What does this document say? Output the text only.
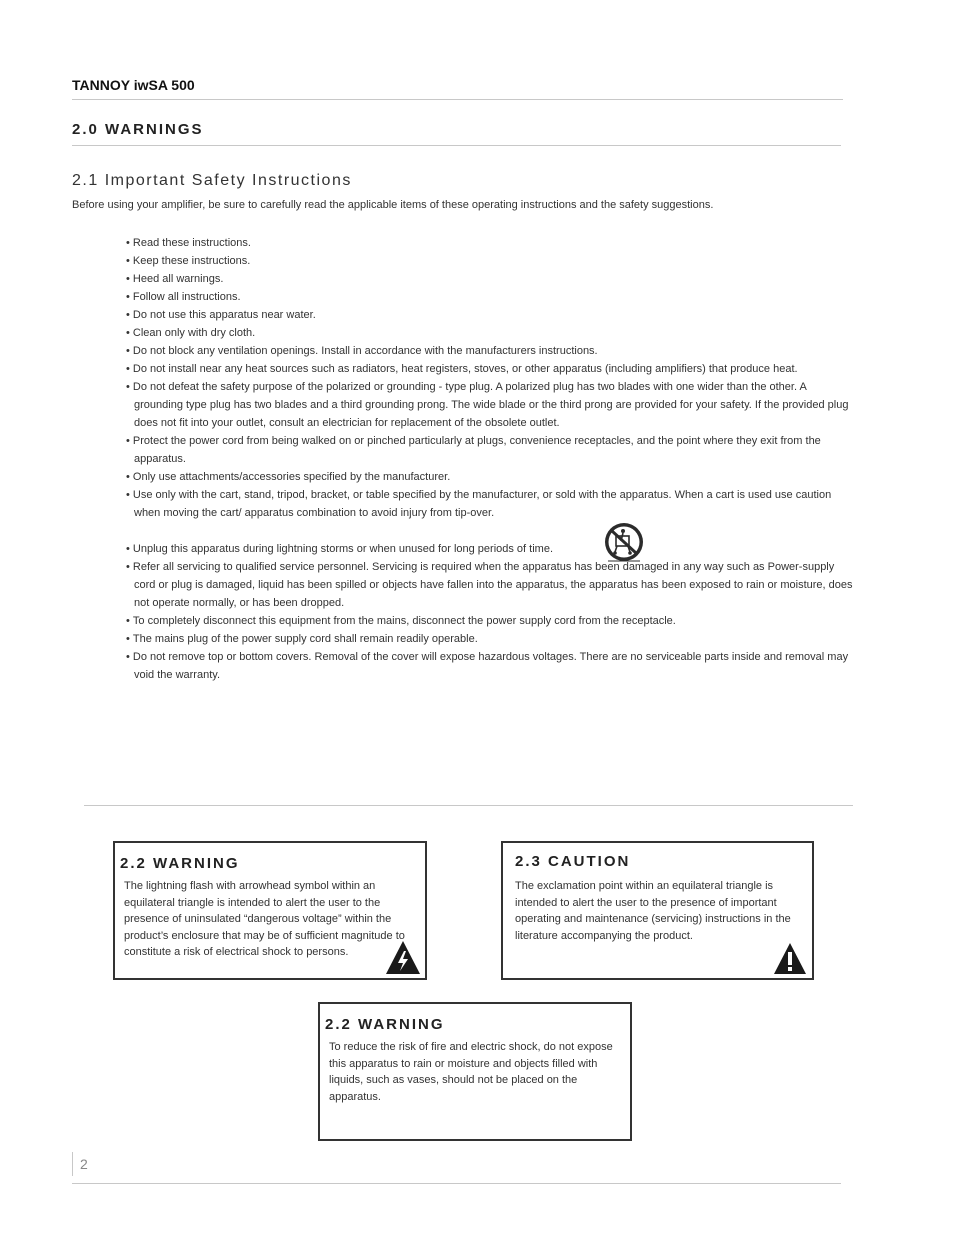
TANNOY iwSA 500
2.0 WARNINGS
2.1 Important Safety Instructions
Before using your amplifier, be sure to carefully read the applicable items of these operating instructions and the safety suggestions.
• Read these instructions.
• Keep these instructions.
• Heed all warnings.
• Follow all instructions.
• Do not use this apparatus near water.
• Clean only with dry cloth.
• Do not block any ventilation openings. Install in accordance with the manufacturers instructions.
• Do not install near any heat sources such as radiators, heat registers, stoves, or other apparatus (including amplifiers) that produce heat.
• Do not defeat the safety purpose of the polarized or grounding - type plug. A polarized plug has two blades with one wider than the other. A grounding type plug has two blades and a third grounding prong. The wide blade or the third prong are provided for your safety. If the provided plug does not fit into your outlet, consult an electrician for replacement of the obsolete outlet.
• Protect the power cord from being walked on or pinched particularly at plugs, convenience receptacles, and the point where they exit from the apparatus.
• Only use attachments/accessories specified by the manufacturer.
• Use only with the cart, stand, tripod, bracket, or table specified by the manufacturer, or sold with the apparatus. When a cart is used use caution when moving the cart/ apparatus combination to avoid injury from tip-over.
• Unplug this apparatus during lightning storms or when unused for long periods of time.
• Refer all servicing to qualified service personnel. Servicing is required when the apparatus has been damaged in any way such as Power-supply cord or plug is damaged, liquid has been spilled or objects have fallen into the apparatus, the apparatus has been exposed to rain or moisture, does not operate normally, or has been dropped.
• To completely disconnect this equipment from the mains, disconnect the power supply cord from the receptacle.
• The mains plug of the power supply cord shall remain readily operable.
• Do not remove top or bottom covers. Removal of the cover will expose hazardous voltages. There are no serviceable parts inside and removal may void the warranty.
2.2 WARNING
The lightning flash with arrowhead symbol within an equilateral triangle is intended to alert the user to the presence of uninsulated “dangerous voltage” within the product’s enclosure that may be of sufficient magnitude to constitute a risk of electrical shock to persons.
2.3 CAUTION
The exclamation point within an equilateral triangle is intended to alert the user to the presence of important operating and maintenance (servicing) instructions in the literature accompanying the product.
2.2 WARNING
To reduce the risk of fire and electric shock, do not expose this apparatus to rain or moisture and objects filled with liquids, such as vases, should not be placed on the apparatus.
2
